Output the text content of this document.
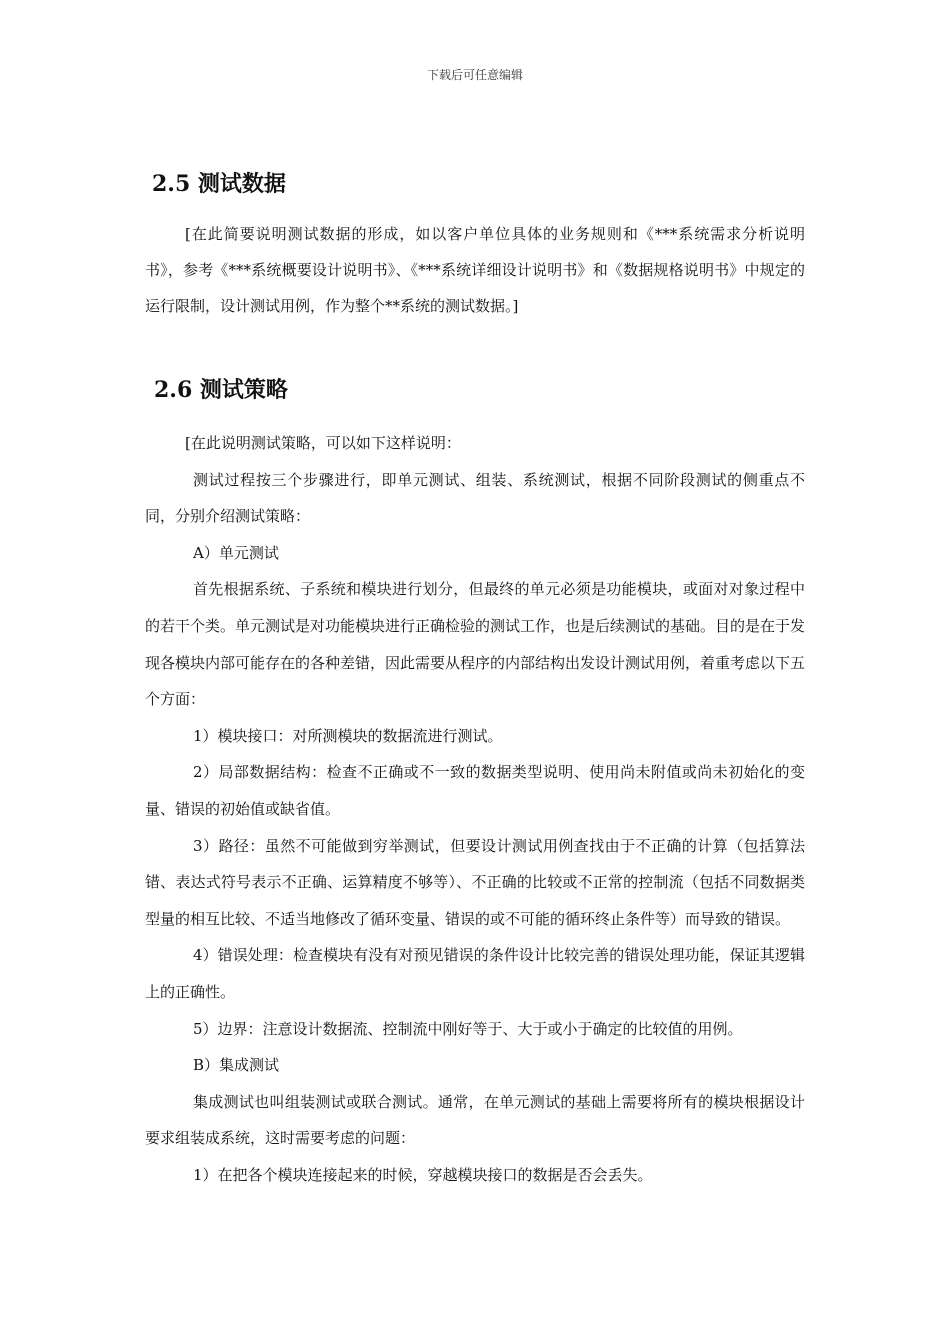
下载后可任意编辑
2.5 测试数据

[在此简要说明测试数据的形成，如以客户单位具体的业务规则和《***系统需求分析说明书》，参考《***系统概要设计说明书》、《***系统详细设计说明书》和《数据规格说明书》中规定的运行限制，设计测试用例，作为整个**系统的测试数据。]

2.6 测试策略

[在此说明测试策略，可以如下这样说明：

测试过程按三个步骤进行，即单元测试、组装、系统测试，根据不同阶段测试的侧重点不同，分别介绍测试策略：

A）单元测试

首先根据系统、子系统和模块进行划分，但最终的单元必须是功能模块，或面对对象过程中的若干个类。单元测试是对功能模块进行正确检验的测试工作，也是后续测试的基础。目的是在于发现各模块内部可能存在的各种差错，因此需要从程序的内部结构出发设计测试用例，着重考虑以下五个方面：

1）模块接口：对所测模块的数据流进行测试。

2）局部数据结构：检查不正确或不一致的数据类型说明、使用尚未附值或尚未初始化的变量、错误的初始值或缺省值。

3）路径：虽然不可能做到穷举测试，但要设计测试用例查找由于不正确的计算（包括算法错、表达式符号表示不正确、运算精度不够等）、不正确的比较或不正常的控制流（包括不同数据类型量的相互比较、不适当地修改了循环变量、错误的或不可能的循环终止条件等）而导致的错误。

4）错误处理：检查模块有没有对预见错误的条件设计比较完善的错误处理功能，保证其逻辑上的正确性。

5）边界：注意设计数据流、控制流中刚好等于、大于或小于确定的比较值的用例。

B）集成测试

集成测试也叫组装测试或联合测试。通常，在单元测试的基础上需要将所有的模块根据设计要求组装成系统，这时需要考虑的问题：

1）在把各个模块连接起来的时候，穿越模块接口的数据是否会丢失。
